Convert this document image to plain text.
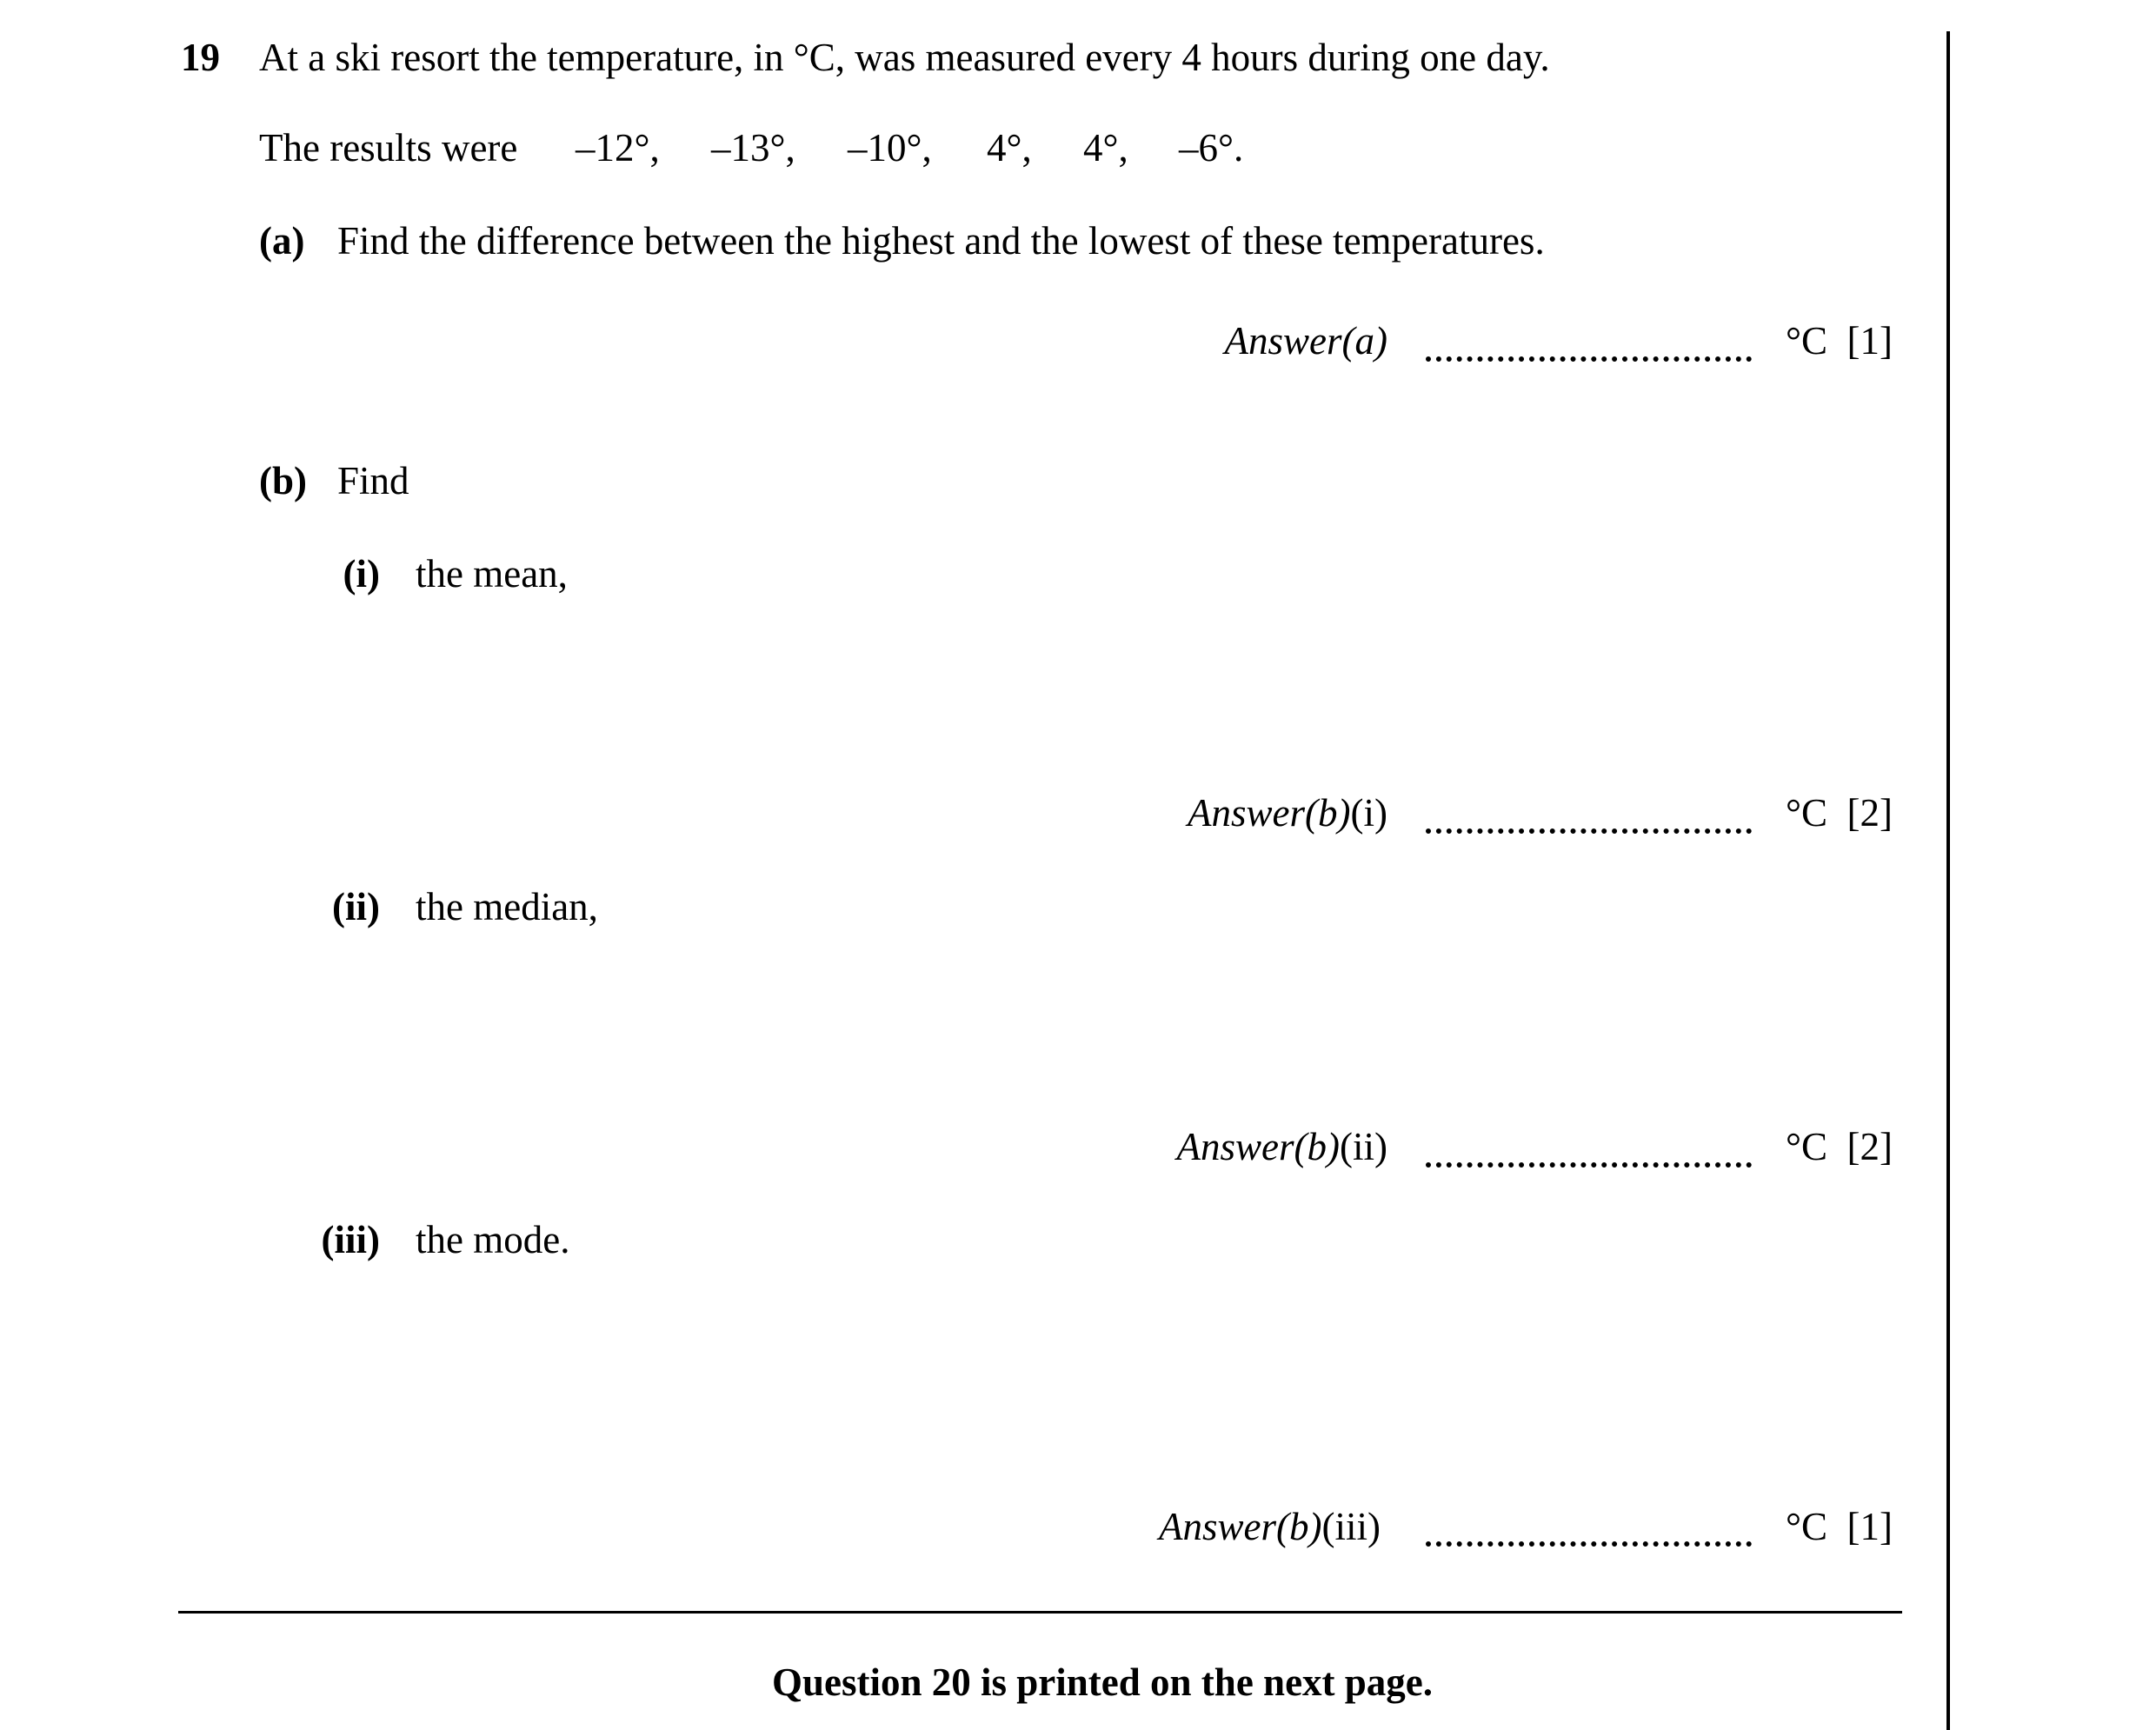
19 At a ski resort the temperature, in °C, was measured every 4 hours during one day.
The results were –12°, –13°, –10°, 4°, 4°, –6°.
(a) Find the difference between the highest and the lowest of these temperatures.
Answer(a)	°C [1]
(b) Find
(i) the mean,
Answer(b)(i)	°C [2]
(ii) the median,
Answer(b)(ii)	°C [2]
(iii) the mode.
Answer(b)(iii)	°C [1]
Question 20 is printed on the next page.
